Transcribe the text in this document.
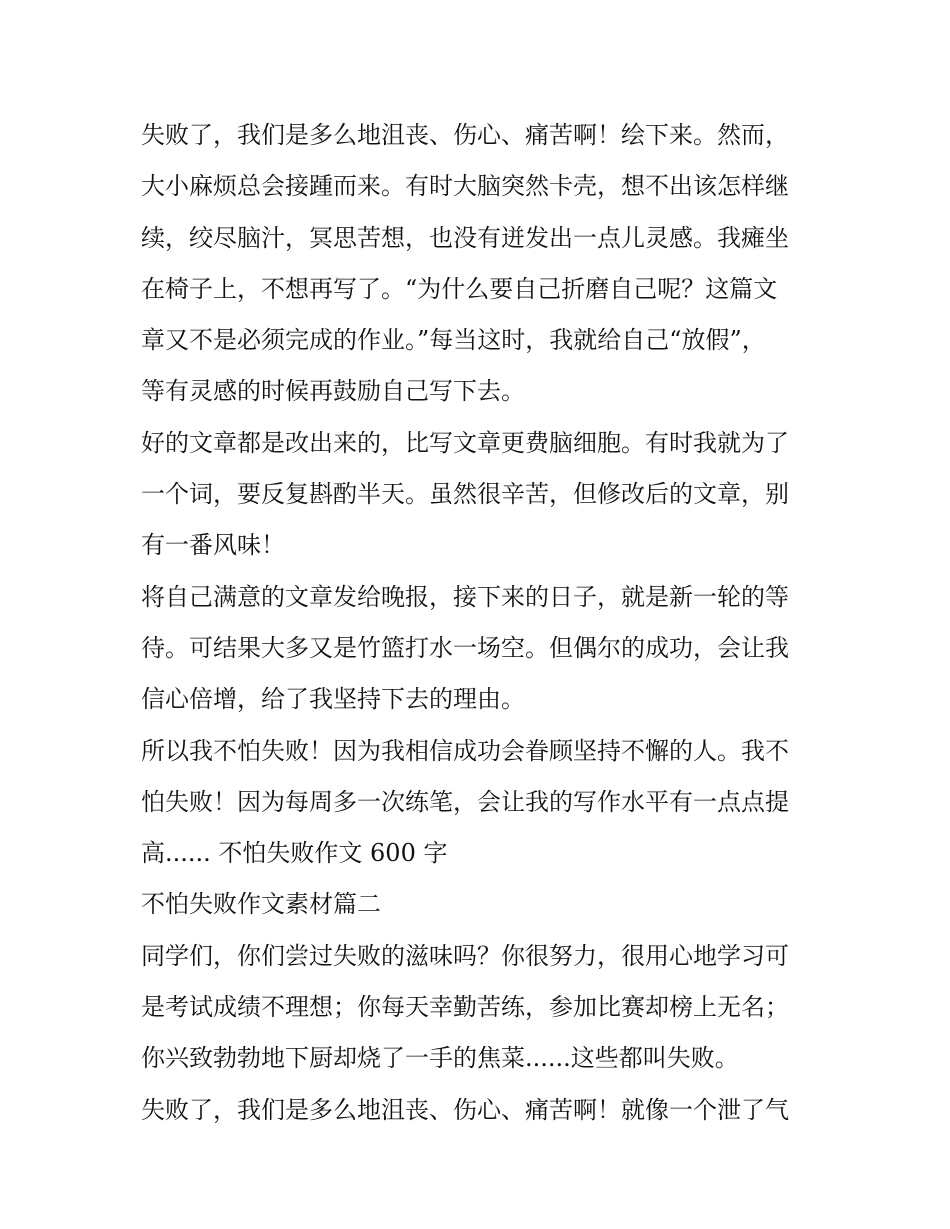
失败了，我们是多么地沮丧、伤心、痛苦啊！绘下来。然而，
大小麻烦总会接踵而来。有时大脑突然卡壳，想不出该怎样继
续，绞尽脑汁，冥思苦想，也没有迸发出一点儿灵感。我瘫坐
在椅子上，不想再写了。“为什么要自己折磨自己呢？这篇文
章又不是必须完成的作业。”每当这时，我就给自己“放假”，
等有灵感的时候再鼓励自己写下去。
好的文章都是改出来的，比写文章更费脑细胞。有时我就为了
一个词，要反复斟酌半天。虽然很辛苦，但修改后的文章，别
有一番风味！
将自己满意的文章发给晚报，接下来的日子，就是新一轮的等
待。可结果大多又是竹篮打水一场空。但偶尔的成功，会让我
信心倍增，给了我坚持下去的理由。
所以我不怕失败！因为我相信成功会眷顾坚持不懈的人。我不
怕失败！因为每周多一次练笔，会让我的写作水平有一点点提
高...... 不怕失败作文 600 字
不怕失败作文素材篇二
同学们，你们尝过失败的滋味吗？你很努力，很用心地学习可
是考试成绩不理想；你每天幸勤苦练，参加比赛却榜上无名；
你兴致勃勃地下厨却烧了一手的焦菜......这些都叫失败。
失败了，我们是多么地沮丧、伤心、痛苦啊！就像一个泄了气
